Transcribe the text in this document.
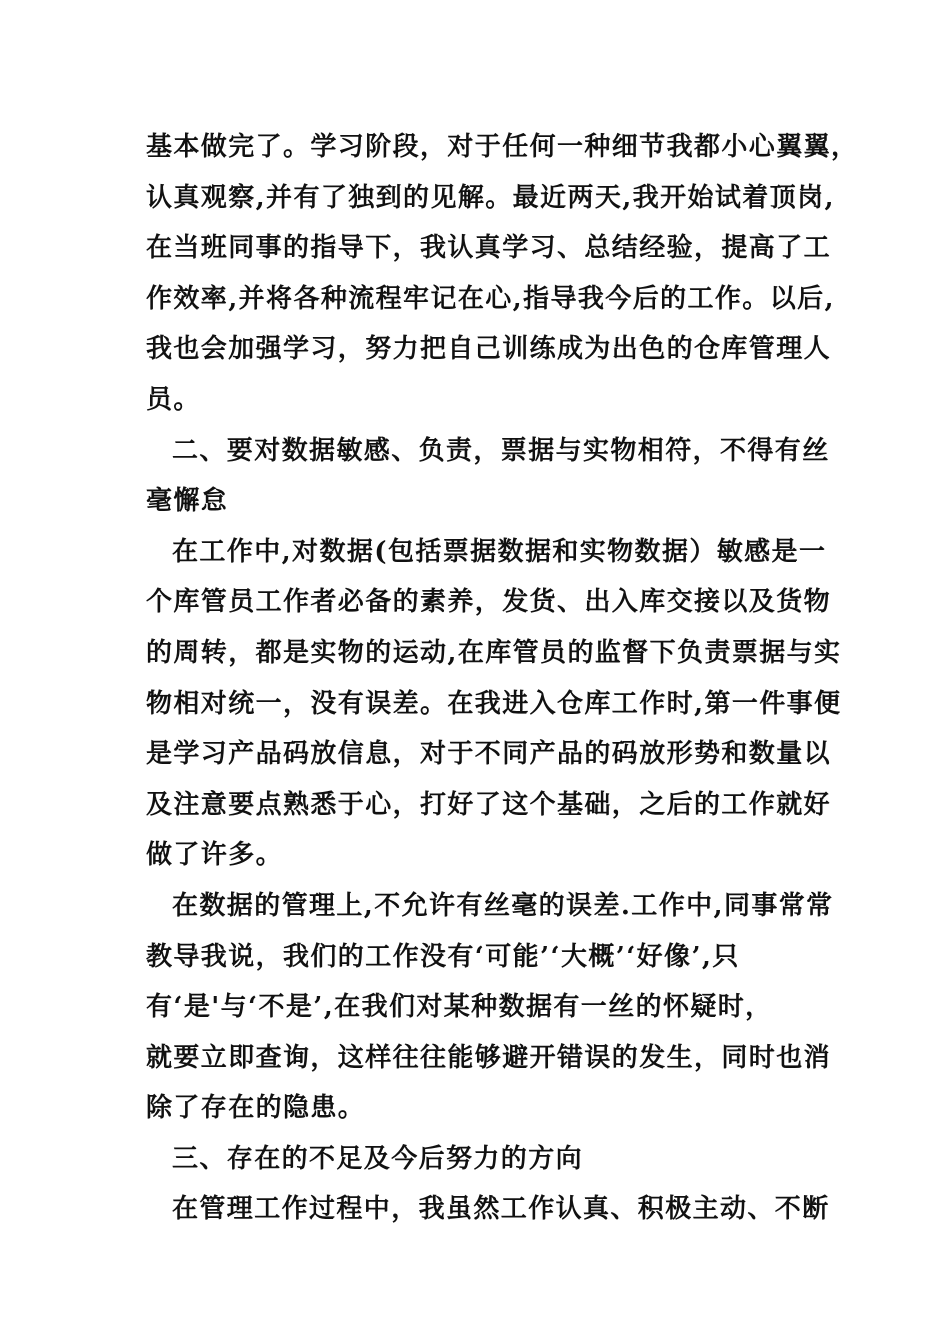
基本做完了。学习阶段，对于任何一种细节我都小心翼翼，
认真观察,并有了独到的见解。最近两天,我开始试着顶岗,
在当班同事的指导下，我认真学习、总结经验，提高了工
作效率,并将各种流程牢记在心,指导我今后的工作。以后,
我也会加强学习，努力把自己训练成为出色的仓库管理人
员。
二、要对数据敏感、负责，票据与实物相符，不得有丝
毫懈怠
在工作中,对数据(包括票据数据和实物数据）敏感是一
个库管员工作者必备的素养，发货、出入库交接以及货物
的周转，都是实物的运动,在库管员的监督下负责票据与实
物相对统一，没有误差。在我进入仓库工作时,第一件事便
是学习产品码放信息，对于不同产品的码放形势和数量以
及注意要点熟悉于心，打好了这个基础，之后的工作就好
做了许多。
在数据的管理上,不允许有丝毫的误差.工作中,同事常常
教导我说，我们的工作没有‘可能’‘大概’‘好像’,只
有‘是'与‘不是’,在我们对某种数据有一丝的怀疑时，
就要立即查询，这样往往能够避开错误的发生，同时也消
除了存在的隐患。
三、存在的不足及今后努力的方向
在管理工作过程中，我虽然工作认真、积极主动、不断
